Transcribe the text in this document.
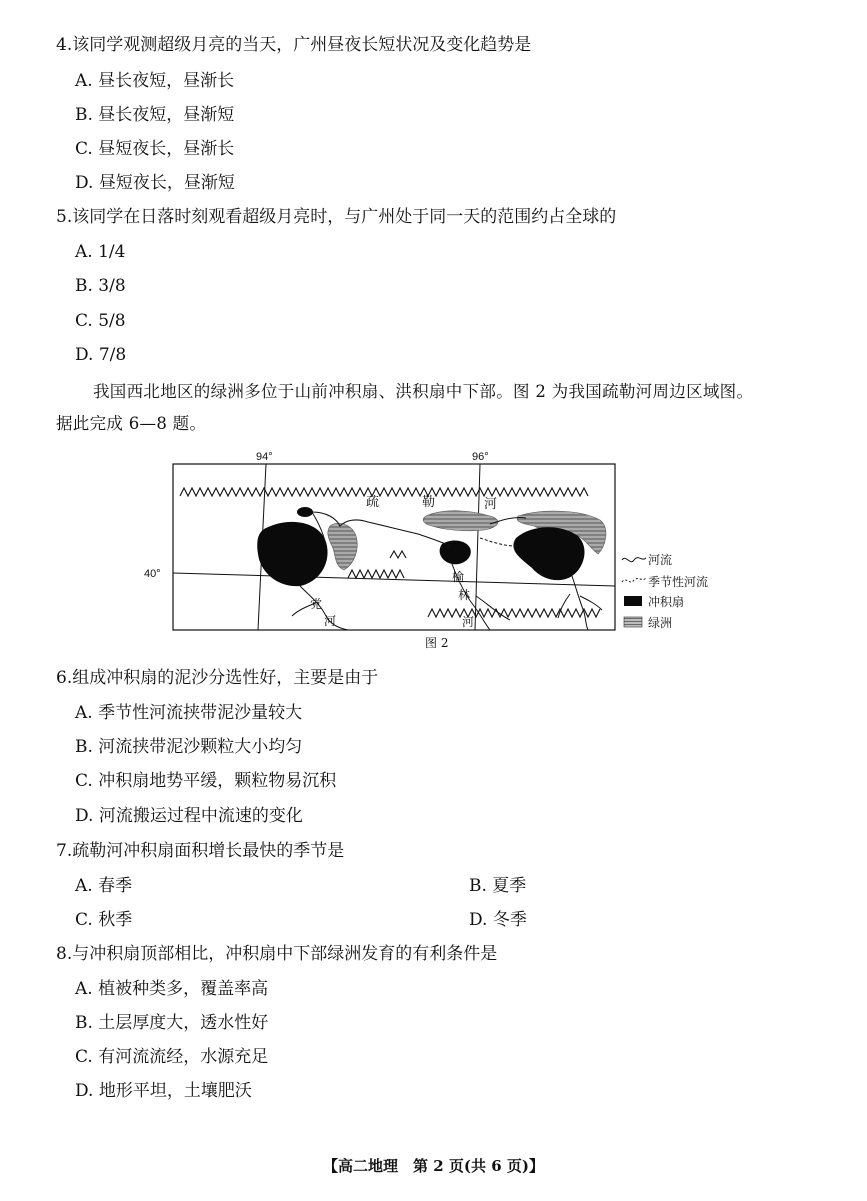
4.该同学观测超级月亮的当天，广州昼夜长短状况及变化趋势是
A. 昼长夜短，昼渐长
B. 昼长夜短，昼渐短
C. 昼短夜长，昼渐长
D. 昼短夜长，昼渐短
5.该同学在日落时刻观看超级月亮时，与广州处于同一天的范围约占全球的
A. 1/4
B. 3/8
C. 5/8
D. 7/8
我国西北地区的绿洲多位于山前冲积扇、洪积扇中下部。图 2 为我国疏勒河周边区域图。
据此完成 6—8 题。
94°	96°
40°
疏	勒	河
党
河
榆
林
河
河流
季节性河流
冲积扇
绿洲
图 2
6.组成冲积扇的泥沙分选性好，主要是由于
A. 季节性河流挟带泥沙量较大
B. 河流挟带泥沙颗粒大小均匀
C. 冲积扇地势平缓，颗粒物易沉积
D. 河流搬运过程中流速的变化
7.疏勒河冲积扇面积增长最快的季节是
A. 春季	B. 夏季
C. 秋季	D. 冬季
8.与冲积扇顶部相比，冲积扇中下部绿洲发育的有利条件是
A. 植被种类多，覆盖率高
B. 土层厚度大，透水性好
C. 有河流流经，水源充足
D. 地形平坦，土壤肥沃
【高二地理　第 2 页(共 6 页)】
